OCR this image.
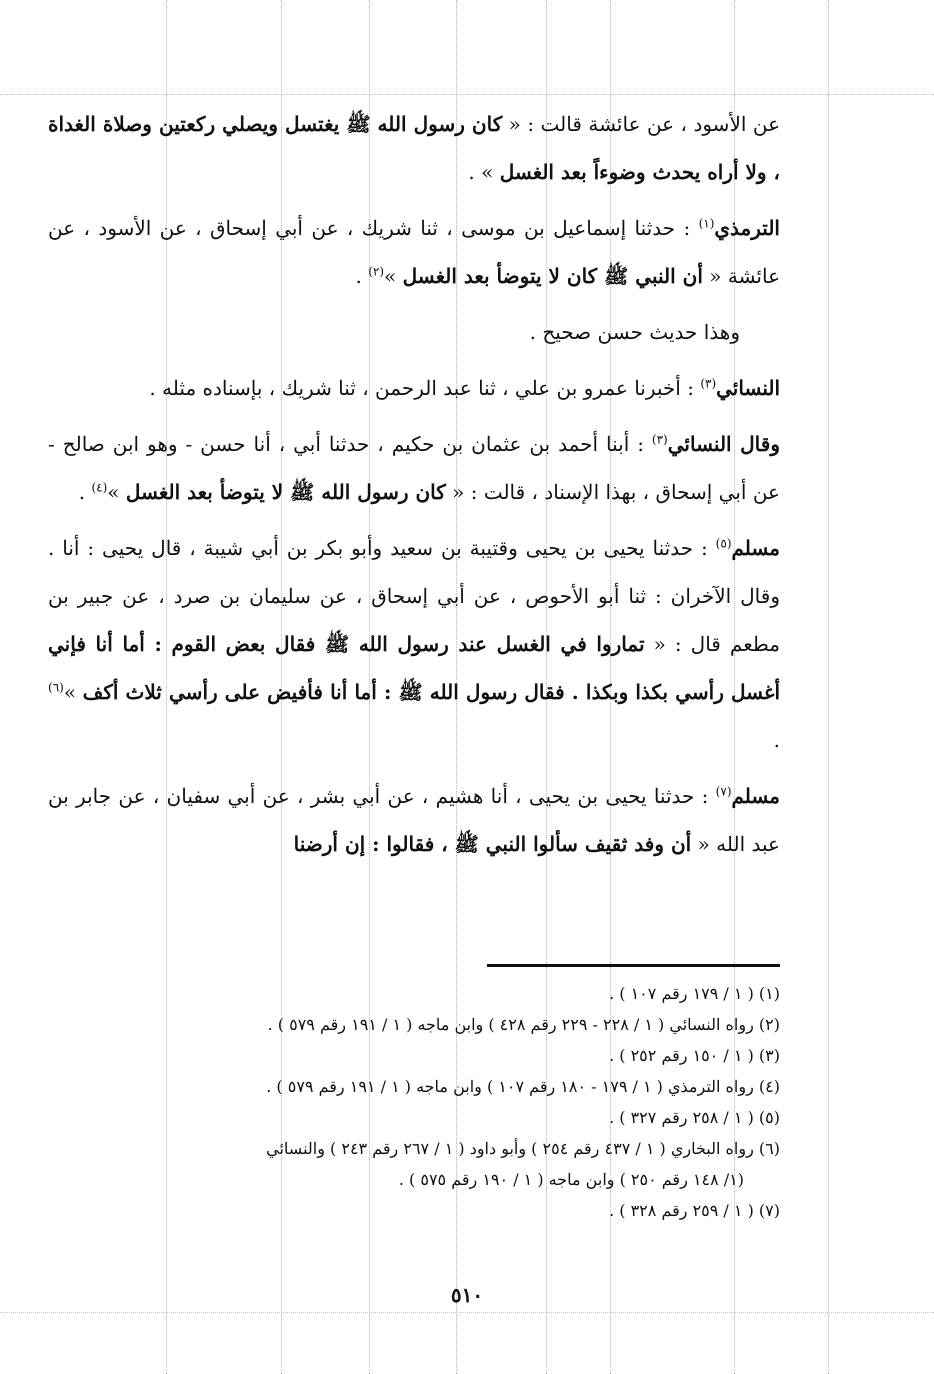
عن الأسود ، عن عائشة قالت : « كان رسول الله ﷺ يغتسل ويصلي ركعتين وصلاة الغداة ، ولا أراه يحدث وضوءاً بعد الغسل » .

الترمذي$^{(١)}$ : حدثنا إسماعيل بن موسى ، ثنا شريك ، عن أبي إسحاق ، عن الأسود ، عن عائشة « أن النبي ﷺ كان لا يتوضأ بعد الغسل »$^{(٢)}$ .

وهذا حديث حسن صحيح .

النسائي$^{(٣)}$ : أخبرنا عمرو بن علي ، ثنا عبد الرحمن ، ثنا شريك ، بإسناده مثله .

وقال النسائي$^{(٣)}$ : أبنا أحمد بن عثمان بن حكيم ، حدثنا أبي ، أنا حسن - وهو ابن صالح - عن أبي إسحاق ، بهذا الإسناد ، قالت : « كان رسول الله ﷺ لا يتوضأ بعد الغسل »$^{(٤)}$ .

مسلم$^{(٥)}$ : حدثنا يحيى بن يحيى وقتيبة بن سعيد وأبو بكر بن أبي شيبة ، قال يحيى : أنا . وقال الآخران : ثنا أبو الأحوص ، عن أبي إسحاق ، عن سليمان بن صرد ، عن جبير بن مطعم قال : « تماروا في الغسل عند رسول الله ﷺ فقال بعض القوم : أما أنا فإني أغسل رأسي بكذا وبكذا . فقال رسول الله ﷺ : أما أنا فأفيض على رأسي ثلاث أكف »$^{(٦)}$ .

مسلم$^{(٧)}$ : حدثنا يحيى بن يحيى ، أنا هشيم ، عن أبي بشر ، عن أبي سفيان ، عن جابر بن عبد الله « أن وفد ثقيف سألوا النبي ﷺ ، فقالوا : إن أرضنا

(١) ( ١ / ١٧٩ رقم ١٠٧ ) .

(٢) رواه النسائي ( ١ / ٢٢٨ - ٢٢٩ رقم ٤٢٨ ) وابن ماجه ( ١ / ١٩١ رقم ٥٧٩ ) .

(٣) ( ١ / ١٥٠ رقم ٢٥٢ ) .

(٤) رواه الترمذي ( ١ / ١٧٩ - ١٨٠ رقم ١٠٧ ) وابن ماجه ( ١ / ١٩١ رقم ٥٧٩ ) .

(٥) ( ١ / ٢٥٨ رقم ٣٢٧ ) .

(٦) رواه البخاري ( ١ / ٤٣٧ رقم ٢٥٤ ) وأبو داود ( ١ / ٢٦٧ رقم ٢٤٣ ) والنسائي

(١/ ١٤٨ رقم ٢٥٠ ) وابن ماجه ( ١ / ١٩٠ رقم ٥٧٥ ) .

(٧) ( ١ / ٢٥٩ رقم ٣٢٨ ) .

٥١٠
